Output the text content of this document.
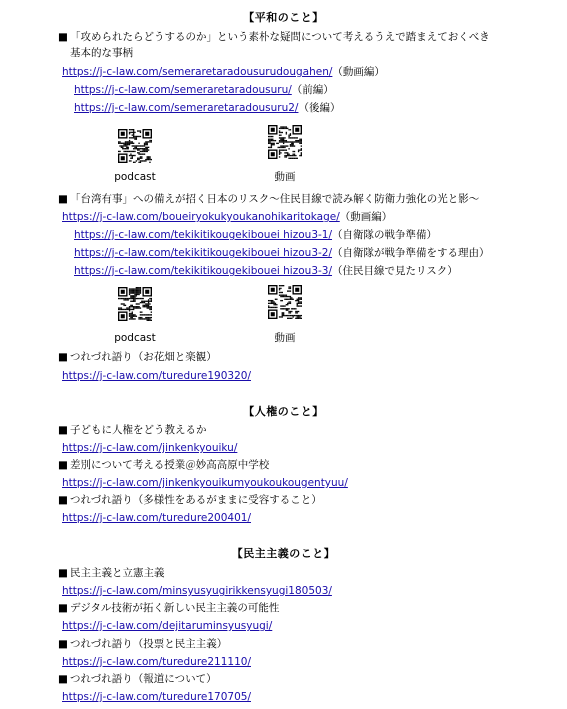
【平和のこと】
■ 「攻められたらどうするのか」という素朴な疑問について考えるうえで踏まえておくべき
基本的な事柄
https://j-c-law.com/semeraretaradousurudougahen/（動画編）
https://j-c-law.com/semeraretaradousuru/（前編）
https://j-c-law.com/semeraretaradousuru2/（後編）
podcast	動画
■ 「台湾有事」への備えが招く日本のリスク～住民目線で読み解く防衛力強化の光と影～
https://j-c-law.com/boueiryokukyoukanohikaritokage/（動画編）
https://j-c-law.com/tekikitikougekibouei hizou3-1/（自衛隊の戦争準備）
https://j-c-law.com/tekikitikougekibouei hizou3-2/（自衛隊が戦争準備をする理由）
https://j-c-law.com/tekikitikougekibouei hizou3-3/（住民目線で見たリスク）
podcast	動画
■ つれづれ語り（お花畑と楽観）
https://j-c-law.com/turedure190320/
【人権のこと】
■ 子どもに人権をどう教えるか
https://j-c-law.com/jinkenkyouiku/
■ 差別について考える授業＠妙高高原中学校
https://j-c-law.com/jinkenkyouikumyoukoukougentyuu/
■ つれづれ語り（多様性をあるがままに受容すること）
https://j-c-law.com/turedure200401/
【民主主義のこと】
■ 民主主義と立憲主義
https://j-c-law.com/minsyusyugirikkensyugi180503/
■ デジタル技術が拓く新しい民主主義の可能性
https://j-c-law.com/dejitaruminsyusyugi/
■ つれづれ語り（投票と民主主義）
https://j-c-law.com/turedure211110/
■ つれづれ語り（報道について）
https://j-c-law.com/turedure170705/
